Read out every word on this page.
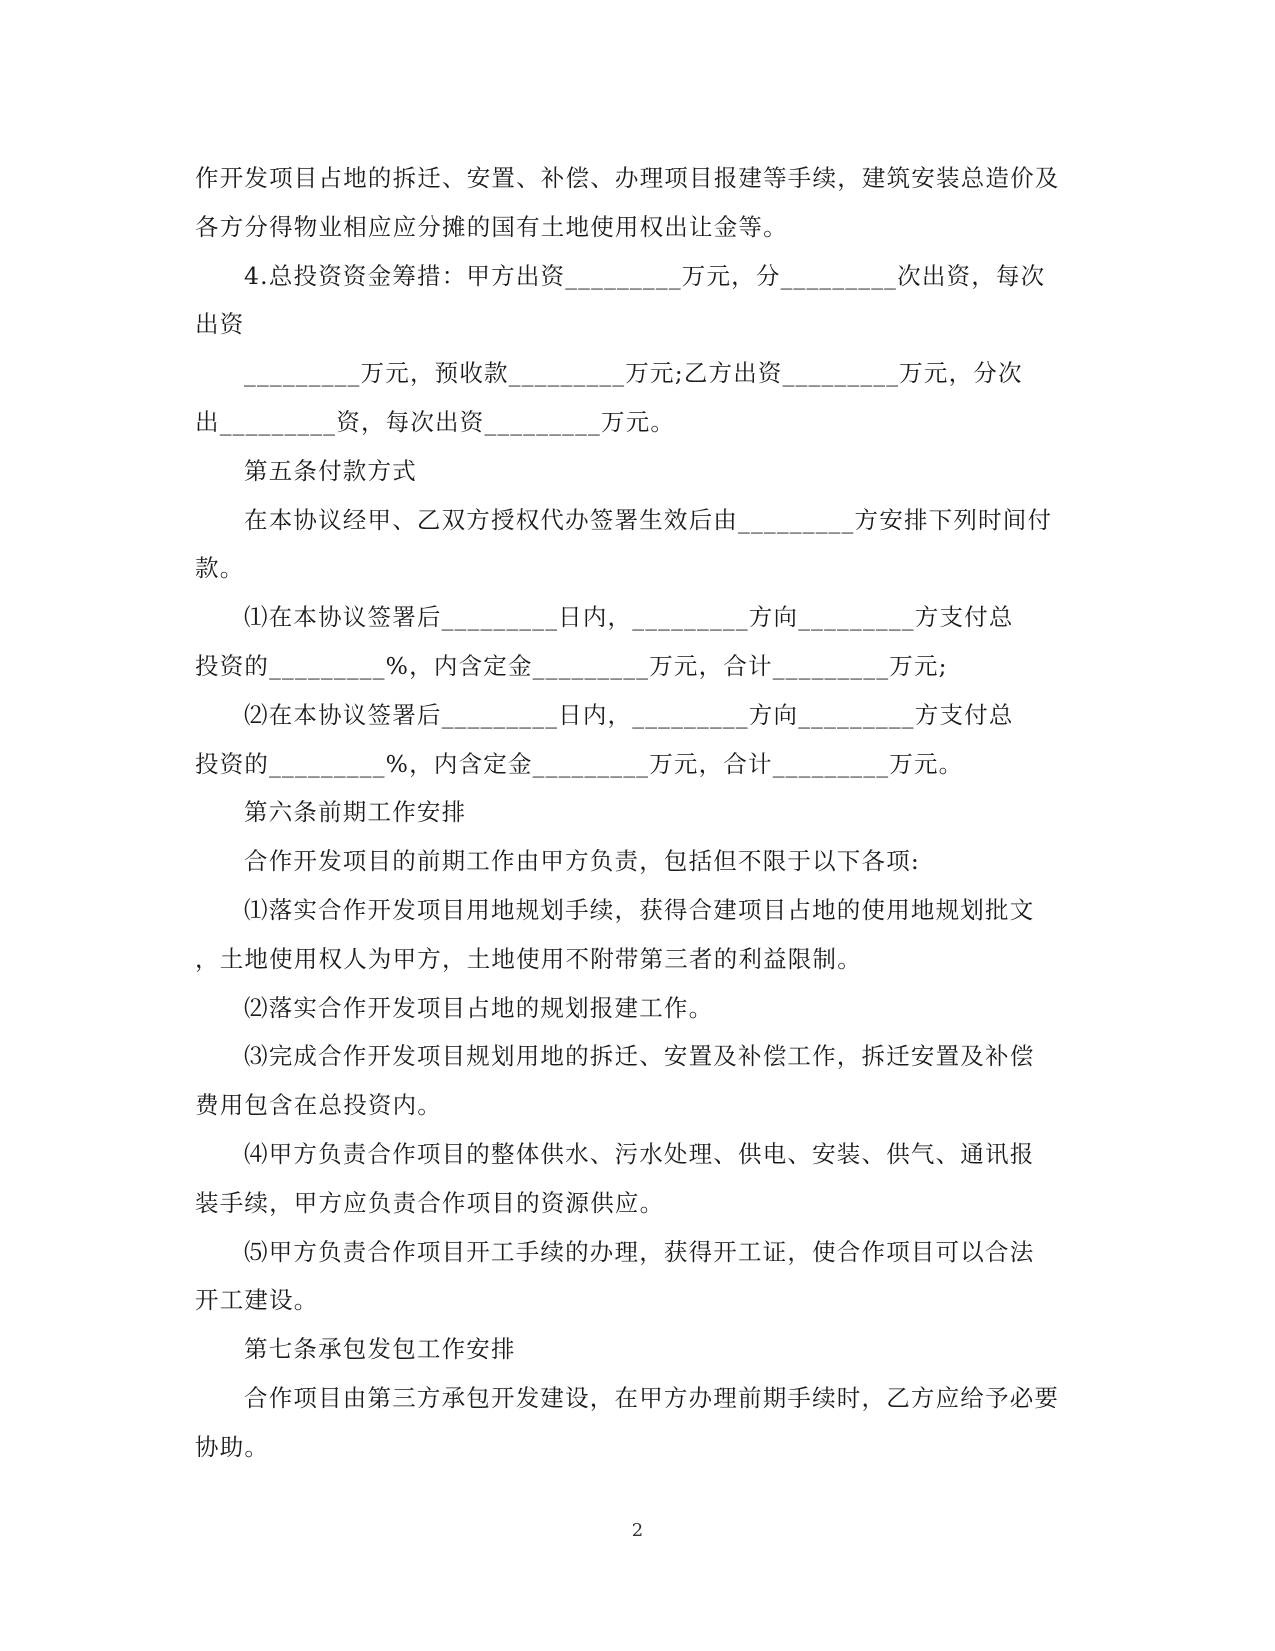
作开发项目占地的拆迁、安置、补偿、办理项目报建等手续，建筑安装总造价及
各方分得物业相应应分摊的国有土地使用权出让金等。
4.总投资资金筹措：甲方出资_________万元，分_________次出资，每次
出资
_________万元，预收款_________万元;乙方出资_________万元，分次
出_________资，每次出资_________万元。
第五条付款方式
在本协议经甲、乙双方授权代办签署生效后由_________方安排下列时间付
款。
⑴在本协议签署后_________日内，_________方向_________方支付总
投资的_________%，内含定金_________万元，合计_________万元;
⑵在本协议签署后_________日内，_________方向_________方支付总
投资的_________%，内含定金_________万元，合计_________万元。
第六条前期工作安排
合作开发项目的前期工作由甲方负责，包括但不限于以下各项:
⑴落实合作开发项目用地规划手续，获得合建项目占地的使用地规划批文
，土地使用权人为甲方，土地使用不附带第三者的利益限制。
⑵落实合作开发项目占地的规划报建工作。
⑶完成合作开发项目规划用地的拆迁、安置及补偿工作，拆迁安置及补偿
费用包含在总投资内。
⑷甲方负责合作项目的整体供水、污水处理、供电、安装、供气、通讯报
装手续，甲方应负责合作项目的资源供应。
⑸甲方负责合作项目开工手续的办理，获得开工证，使合作项目可以合法
开工建设。
第七条承包发包工作安排
合作项目由第三方承包开发建设，在甲方办理前期手续时，乙方应给予必要
协助。
2
